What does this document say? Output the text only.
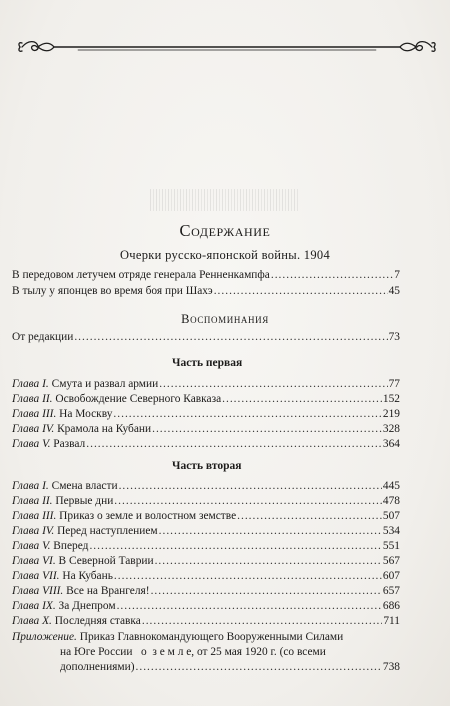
Содержание
Очерки русско-японской войны. 1904
В передовом летучем отряде генерала Ренненкампфа .....	7
В тылу у японцев во время боя при Шахэ .....	45
Воспоминания
От редакции .....	73
Часть первая
Глава I. Смута и развал армии .....	77
Глава II. Освобождение Северного Кавказа .....	152
Глава III. На Москву .....	219
Глава IV. Крамола на Кубани .....	328
Глава V. Развал .....	364
Часть вторая
Глава I. Смена власти .....	445
Глава II. Первые дни .....	478
Глава III. Приказ о земле и волостном земстве .....	507
Глава IV. Перед наступлением .....	534
Глава V. Вперед .....	551
Глава VI. В Северной Таврии .....	567
Глава VII. На Кубань .....	607
Глава VIII. Все на Врангеля! .....	657
Глава IX. За Днепром .....	686
Глава X. Последняя ставка .....	711
Приложение. Приказ Главнокомандующего Вооруженными Силами
на Юге России   о  з е м л е, от 25 мая 1920 г. (со всеми
дополнениями) .....	738
